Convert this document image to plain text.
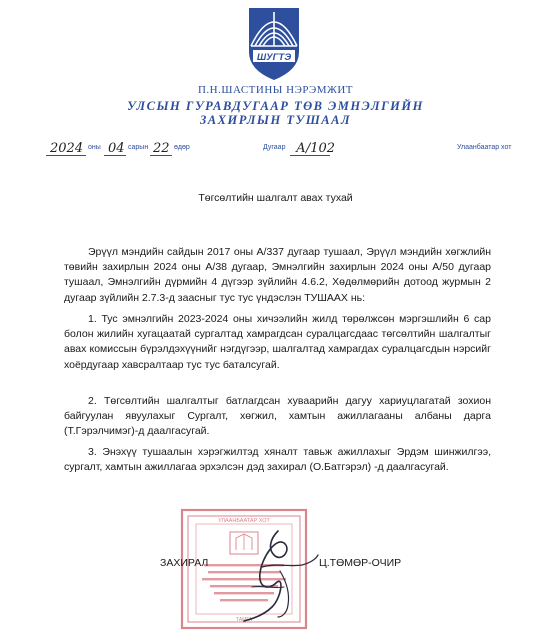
ШУГТЭ
П.Н.ШАСТИНЫ НЭРЭМЖИТ
УЛСЫН ГУРАВДУГААР ТӨВ ЭМНЭЛГИЙН
ЗАХИРЛЫН ТУШААЛ
2024 оны 04 сарын 22 өдөр	Дугаар А/102	Улаанбаатар хот
Төгсөлтийн шалгалт авах тухай
Эрүүл мэндийн сайдын 2017 оны А/337 дугаар тушаал, Эрүүл мэндийн хөгжлийн төвийн захирлын 2024 оны А/38 дугаар, Эмнэлгийн захирлын 2024 оны А/50 дугаар тушаал, Эмнэлгийн дүрмийн 4 дүгээр зүйлийн 4.6.2, Хөдөлмөрийн дотоод журмын 2 дугаар зүйлийн 2.7.3-д заасныг тус тус үндэслэн ТУШААХ нь:
1. Тус эмнэлгийн 2023-2024 оны хичээлийн жилд төрөлжсөн мэргэшлийн 6 сар болон жилийн хугацаатай сургалтад хамрагдсан суралцагсдаас төгсөлтийн шалгалтыг авах комиссын бүрэлдэхүүнийг нэгдүгээр, шалгалтад хамрагдах суралцагсдын нэрсийг хоёрдугаар хавсралтаар тус тус баталсугай.
2. Төгсөлтийн шалгалтыг батлагдсан хуваарийн дагуу хариуцлагатай зохион байгуулан явуулахыг Сургалт, хөгжил, хамтын ажиллагааны албаны дарга (Т.Гэрэлчимэг)-д даалгасугай.
3. Энэхүү тушаалын хэрэгжилтэд хяналт тавьж ажиллахыг Эрдэм шинжилгээ, сургалт, хамтын ажиллагаа эрхэлсэн дэд захирал (О.Батгэрэл) -д даалгасугай.
УЛААНБААТАР ХОТ
ТАМГА
ЗАХИРАЛ	Ц.ТӨМӨР-ОЧИР
